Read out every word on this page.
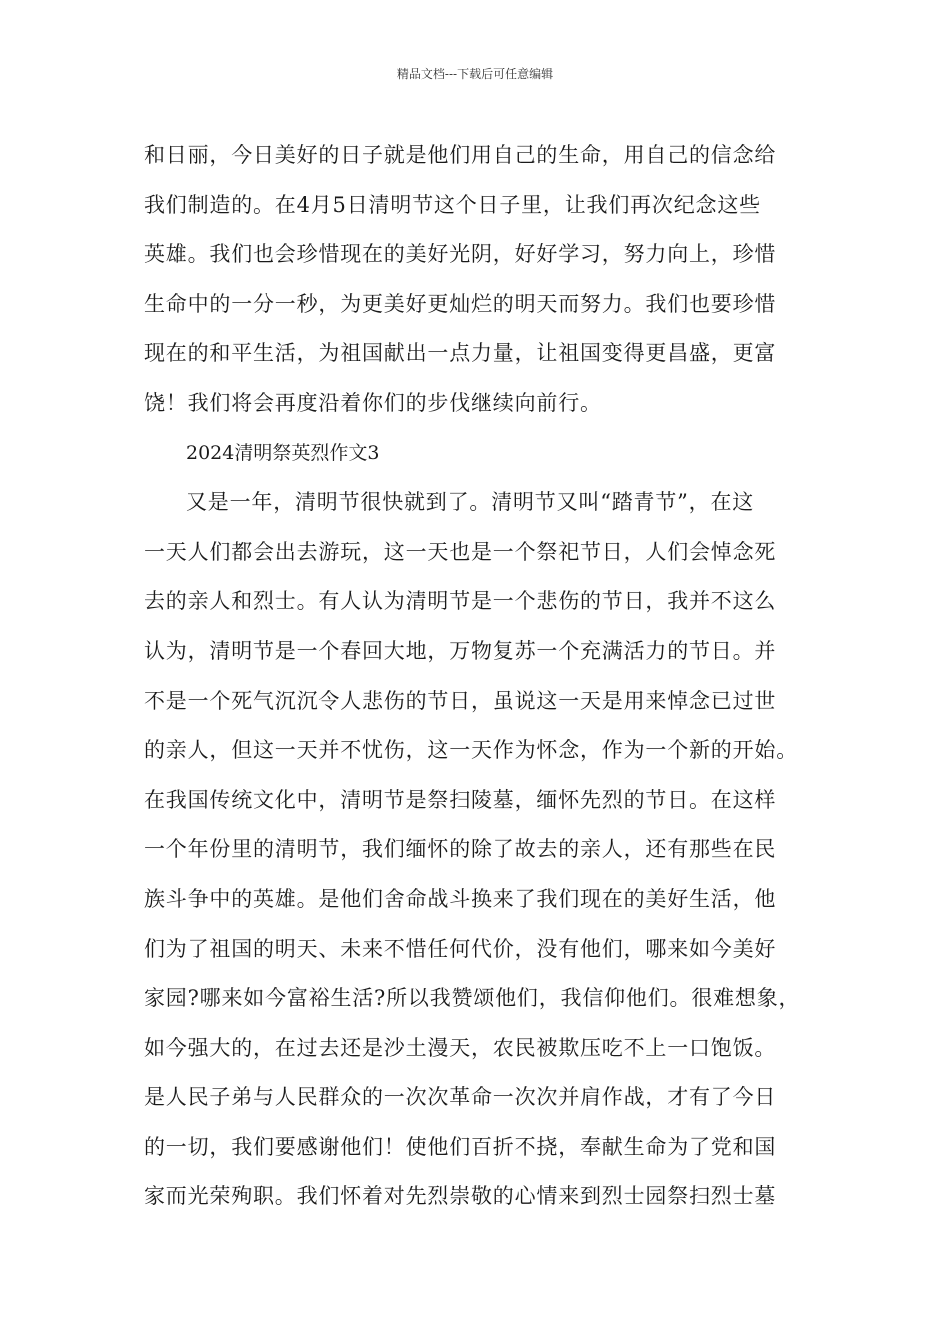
精品文档---下载后可任意编辑
和日丽，今日美好的日子就是他们用自己的生命，用自己的信念给
我们制造的。在4月5日清明节这个日子里，让我们再次纪念这些
英雄。我们也会珍惜现在的美好光阴，好好学习，努力向上，珍惜
生命中的一分一秒，为更美好更灿烂的明天而努力。我们也要珍惜
现在的和平生活，为祖国献出一点力量，让祖国变得更昌盛，更富
饶！我们将会再度沿着你们的步伐继续向前行。
2024清明祭英烈作文3
又是一年，清明节很快就到了。清明节又叫“踏青节”，在这
一天人们都会出去游玩，这一天也是一个祭祀节日，人们会悼念死
去的亲人和烈士。有人认为清明节是一个悲伤的节日，我并不这么
认为，清明节是一个春回大地，万物复苏一个充满活力的节日。并
不是一个死气沉沉令人悲伤的节日，虽说这一天是用来悼念已过世
的亲人，但这一天并不忧伤，这一天作为怀念，作为一个新的开始。
在我国传统文化中，清明节是祭扫陵墓，缅怀先烈的节日。在这样
一个年份里的清明节，我们缅怀的除了故去的亲人，还有那些在民
族斗争中的英雄。是他们舍命战斗换来了我们现在的美好生活，他
们为了祖国的明天、未来不惜任何代价，没有他们，哪来如今美好
家园?哪来如今富裕生活?所以我赞颂他们，我信仰他们。很难想象，
如今强大的，在过去还是沙土漫天，农民被欺压吃不上一口饱饭。
是人民子弟与人民群众的一次次革命一次次并肩作战，才有了今日
的一切，我们要感谢他们！使他们百折不挠，奉献生命为了党和国
家而光荣殉职。我们怀着对先烈崇敬的心情来到烈士园祭扫烈士墓
